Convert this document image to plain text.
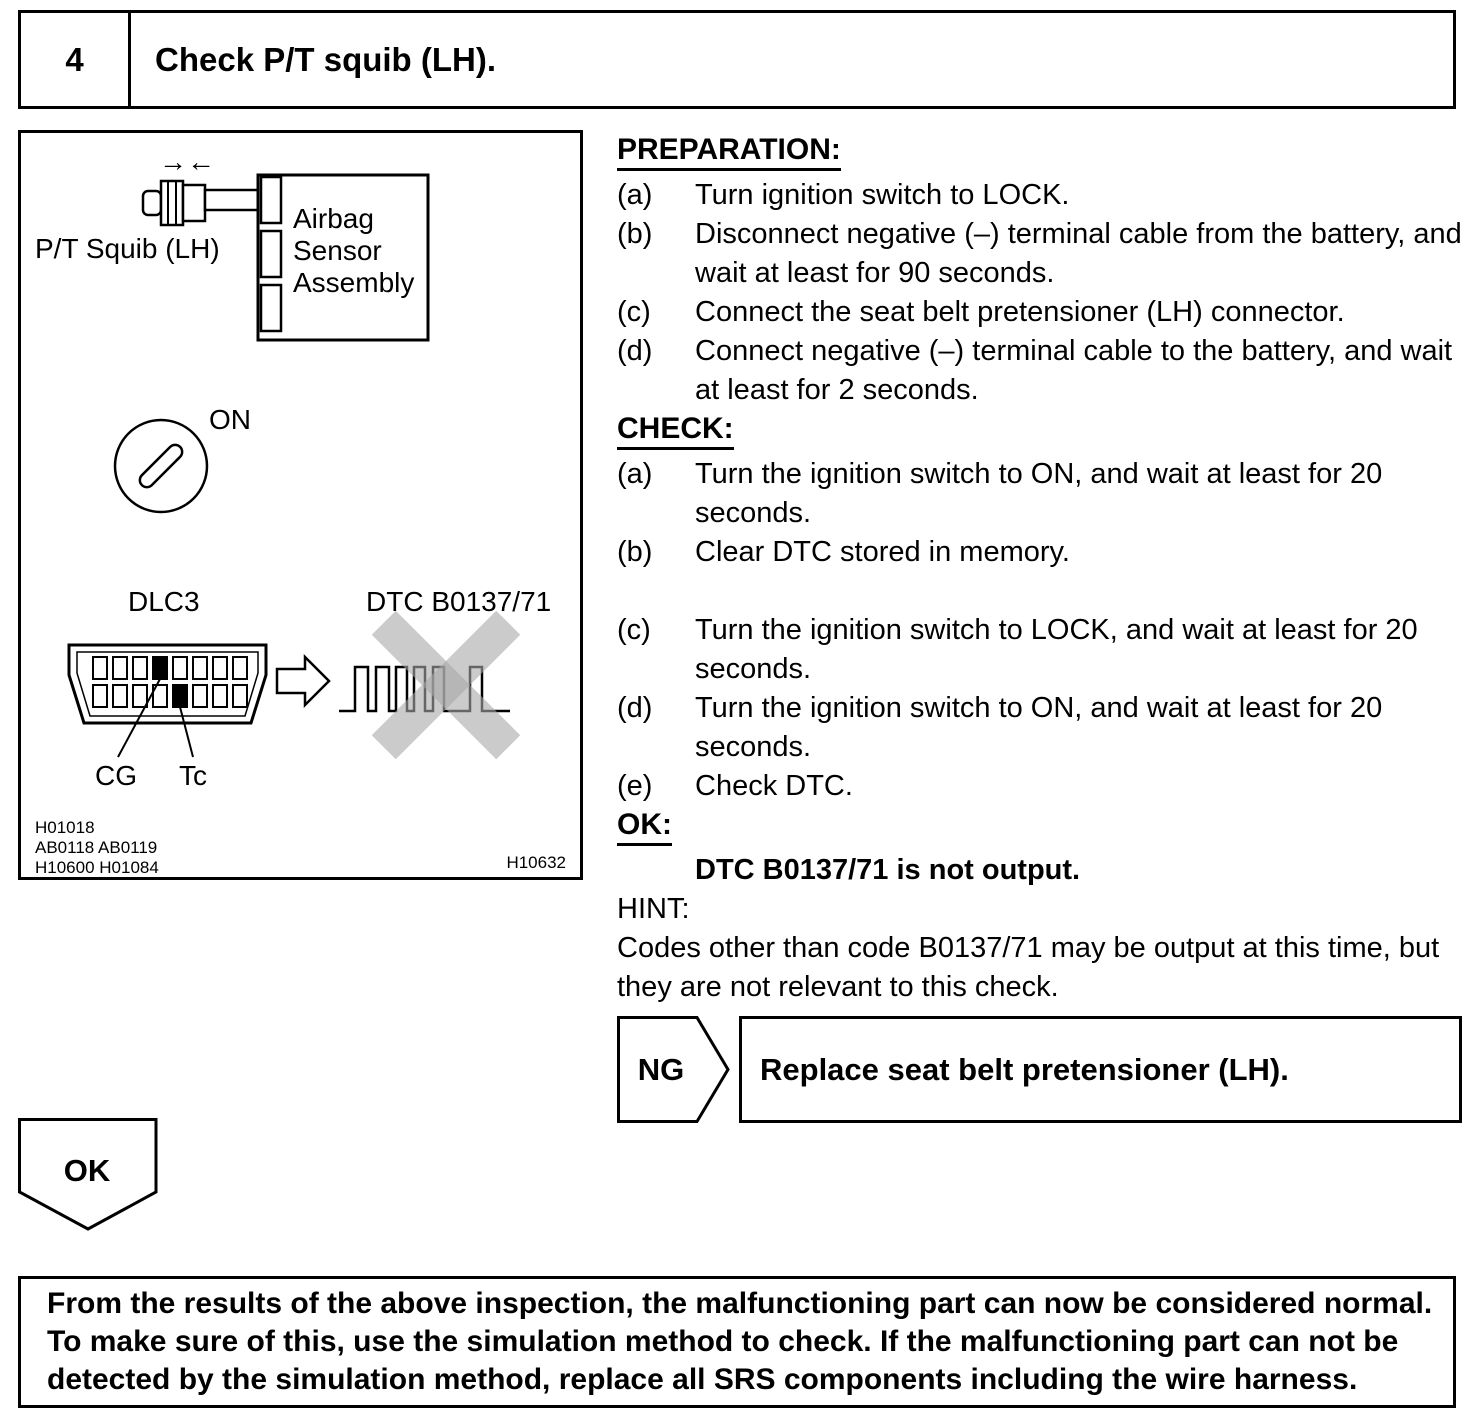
4	Check P/T squib (LH).
→←
Airbag
Sensor
Assembly
P/T Squib (LH)
ON
DLC3
CG Tc
DTC B0137/71
H01018
AB0118 AB0119
H10600 H01084	H10632
PREPARATION:
(a)	Turn ignition switch to LOCK.
(b)	Disconnect negative (–) terminal cable from the battery, and wait at least for 90 seconds.
(c)	Connect the seat belt pretensioner (LH) connector.
(d)	Connect negative (–) terminal cable to the battery, and wait at least for 2 seconds.
CHECK:
(a)	Turn the ignition switch to ON, and wait at least for 20 seconds.
(b)	Clear DTC stored in memory.
(c)	Turn the ignition switch to LOCK, and wait at least for 20 seconds.
(d)	Turn the ignition switch to ON, and wait at least for 20 seconds.
(e)	Check DTC.
OK:
DTC B0137/71 is not output.
HINT:
Codes other than code B0137/71 may be output at this time, but they are not relevant to this check.
NG	Replace seat belt pretensioner (LH).
OK
From the results of the above inspection, the malfunctioning part can now be considered normal. To make sure of this, use the simulation method to check. If the malfunctioning part can not be detected by the simulation method, replace all SRS components including the wire harness.
